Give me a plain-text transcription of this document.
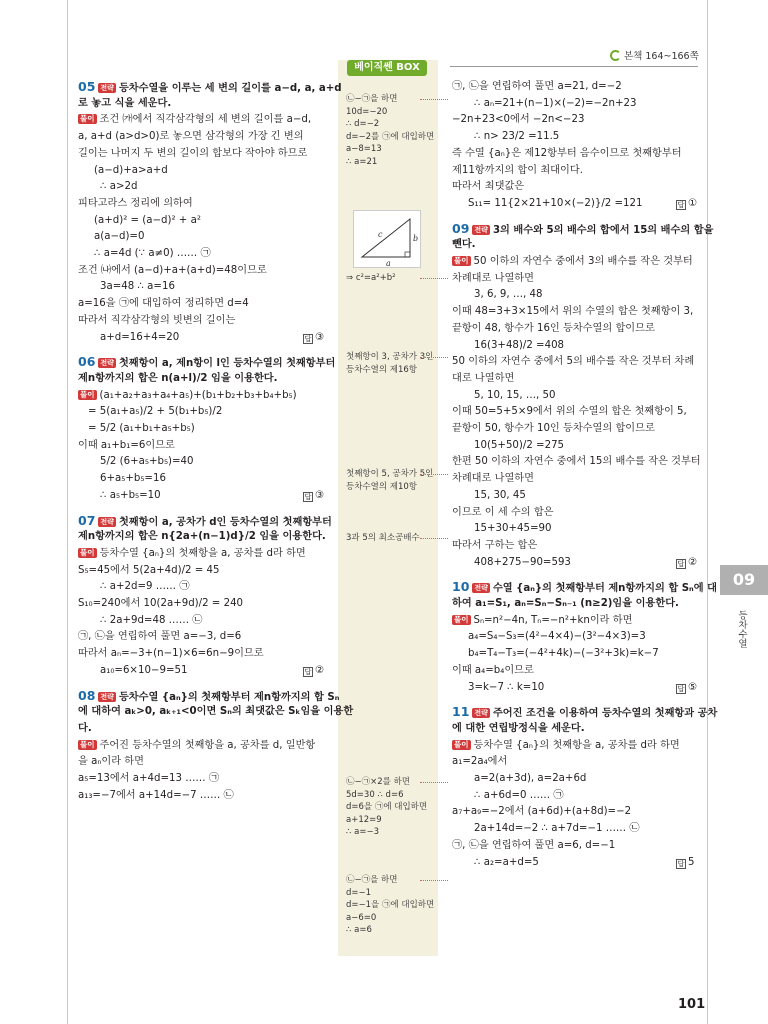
베이직쎈 BOX
본책 164~166쪽
c	b
a
05 전략 등차수열을 이루는 세 변의 길이를 a−d, a, a+d
로 놓고 식을 세운다.
풀이 조건 ㈎에서 직각삼각형의 세 변의 길이를 a−d,
a, a+d (a>d>0)로 놓으면 삼각형의 가장 긴 변의
길이는 나머지 두 변의 길이의 합보다 작아야 하므로
(a−d)+a>a+d
∴ a>2d
피타고라스 정리에 의하여
(a+d)² = (a−d)² + a²
a(a−d)=0
∴ a=4d (∵ a≠0) …… ㉠
조건 ㈏에서 (a−d)+a+(a+d)=48이므로
3a=48 ∴ a=16
a=16을 ㉠에 대입하여 정리하면 d=4
따라서 직각삼각형의 빗변의 길이는
a+d=16+4=20	답 ③
06 전략 첫째항이 a, 제n항이 l인 등차수열의 첫째항부터
제n항까지의 합은 n(a+l)/2 임을 이용한다.
풀이 (a₁+a₂+a₃+a₄+a₅)+(b₁+b₂+b₃+b₄+b₅)
= 5(a₁+a₅)/2 + 5(b₁+b₅)/2
= 5/2 (a₁+b₁+a₅+b₅)
이때 a₁+b₁=6이므로
5/2 (6+a₅+b₅)=40
6+a₅+b₅=16
∴ a₅+b₅=10	답 ③
07 전략 첫째항이 a, 공차가 d인 등차수열의 첫째항부터
제n항까지의 합은 n{2a+(n−1)d}/2 임을 이용한다.
풀이 등차수열 {aₙ}의 첫째항을 a, 공차를 d라 하면
S₅=45에서 5(2a+4d)/2 = 45
∴ a+2d=9 …… ㉠
S₁₀=240에서 10(2a+9d)/2 = 240
∴ 2a+9d=48 …… ㉡
㉠, ㉡을 연립하여 풀면 a=−3, d=6
따라서 aₙ=−3+(n−1)×6=6n−9이므로
a₁₀=6×10−9=51	답 ②
08 전략 등차수열 {aₙ}의 첫째항부터 제n항까지의 합 Sₙ
에 대하여 aₖ>0, aₖ₊₁<0이면 Sₙ의 최댓값은 Sₖ임을 이용한
다.
풀이 주어진 등차수열의 첫째항을 a, 공차를 d, 일반항
을 aₙ이라 하면
a₅=13에서 a+4d=13 …… ㉠
a₁₃=−7에서 a+14d=−7 …… ㉡
㉠, ㉡을 연립하여 풀면 a=21, d=−2
∴ aₙ=21+(n−1)×(−2)=−2n+23
−2n+23<0에서 −2n<−23
∴ n> 23/2 =11.5
즉 수열 {aₙ}은 제12항부터 음수이므로 첫째항부터
제11항까지의 합이 최대이다.
따라서 최댓값은
S₁₁= 11{2×21+10×(−2)}/2 =121	답 ①
09 전략 3의 배수와 5의 배수의 합에서 15의 배수의 합을
뺀다.
풀이 50 이하의 자연수 중에서 3의 배수를 작은 것부터
차례대로 나열하면
3, 6, 9, …, 48
이때 48=3+3×15에서 위의 수열의 합은 첫째항이 3,
끝항이 48, 항수가 16인 등차수열의 합이므로
16(3+48)/2 =408
50 이하의 자연수 중에서 5의 배수를 작은 것부터 차례
대로 나열하면
5, 10, 15, …, 50
이때 50=5+5×9에서 위의 수열의 합은 첫째항이 5,
끝항이 50, 항수가 10인 등차수열의 합이므로
10(5+50)/2 =275
한편 50 이하의 자연수 중에서 15의 배수를 작은 것부터
차례대로 나열하면
15, 30, 45
이므로 이 세 수의 합은
15+30+45=90
따라서 구하는 합은
408+275−90=593	답 ②
10 전략 수열 {aₙ}의 첫째항부터 제n항까지의 합 Sₙ에 대
하여 a₁=S₁, aₙ=Sₙ−Sₙ₋₁ (n≥2)임을 이용한다.
풀이 Sₙ=n²−4n, Tₙ=−n²+kn이라 하면
a₄=S₄−S₃=(4²−4×4)−(3²−4×3)=3
b₄=T₄−T₃=(−4²+4k)−(−3²+3k)=k−7
이때 a₄=b₄이므로
3=k−7 ∴ k=10	답 ⑤
11 전략 주어진 조건을 이용하여 등차수열의 첫째항과 공차
에 대한 연립방정식을 세운다.
풀이 등차수열 {aₙ}의 첫째항을 a, 공차를 d라 하면
a₁=2a₄에서
a=2(a+3d), a=2a+6d
∴ a+6d=0 …… ㉠
a₇+a₉=−2에서 (a+6d)+(a+8d)=−2
2a+14d=−2 ∴ a+7d=−1 …… ㉡
㉠, ㉡을 연립하여 풀면 a=6, d=−1
∴ a₂=a+d=5	답 5
㉡−㉠을 하면
10d=−20
∴ d=−2
d=−2를 ㉠에 대입하면
a−8=13
∴ a=21
⇒ c²=a²+b²
첫째항이 3, 공차가 3인
등차수열의 제16항
첫째항이 5, 공차가 5인
등차수열의 제10항
3과 5의 최소공배수
㉡−㉠×2를 하면
5d=30 ∴ d=6
d=6을 ㉠에 대입하면
a+12=9
∴ a=−3
㉡−㉠을 하면
d=−1
d=−1을 ㉠에 대입하면
a−6=0
∴ a=6
09
등차수열
101
